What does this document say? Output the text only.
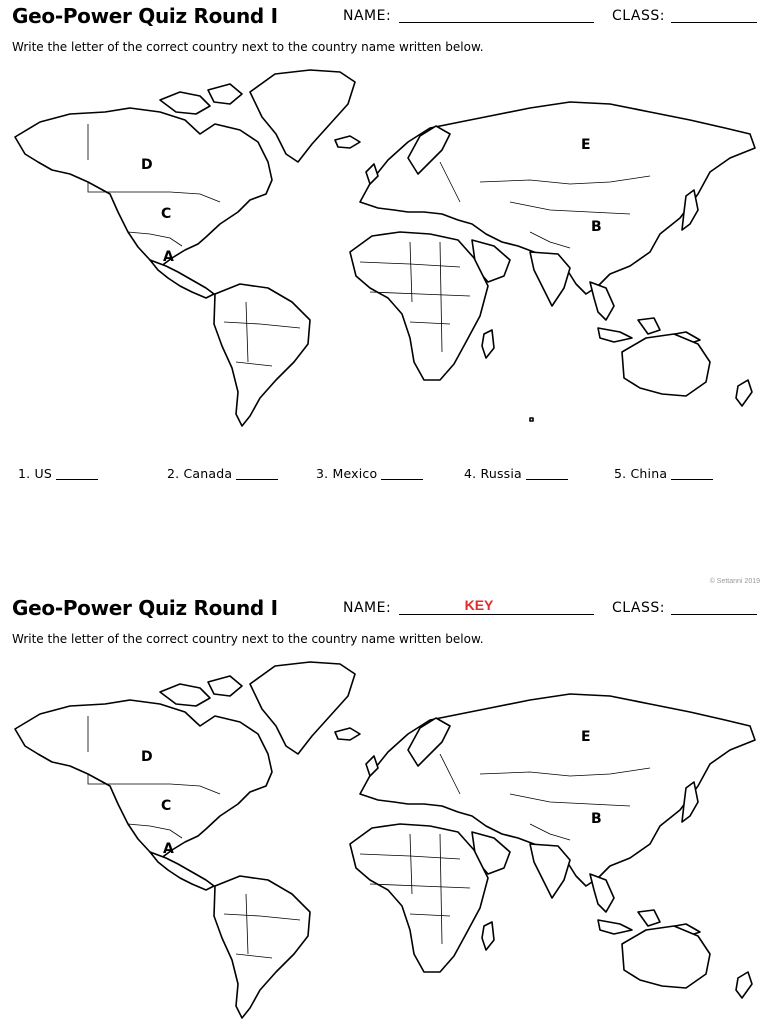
Geo-Power Quiz Round I	NAME:	CLASS:
Write the letter of the correct country next to the country name written below.
D
C
A
E
B
1. US	2. Canada	3. Mexico	4. Russia	5. China
© Settanni 2019
Geo-Power Quiz Round I	NAME:	KEY	CLASS:
Write the letter of the correct country next to the country name written below.
D
C
A
E
B
